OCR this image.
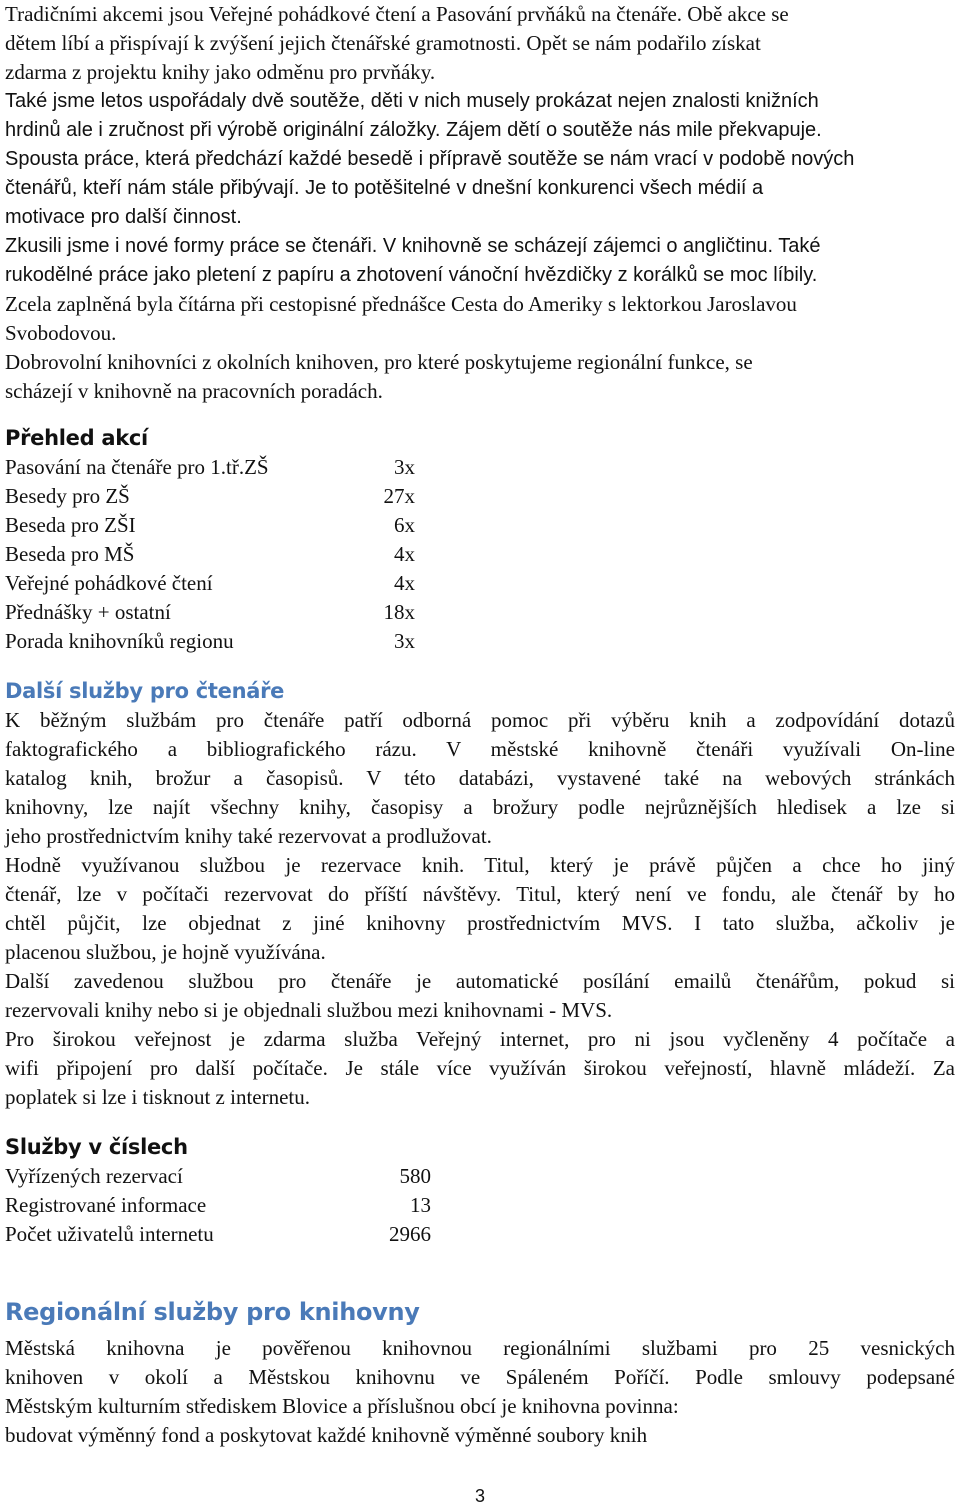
Tradičními akcemi jsou Veřejné pohádkové čtení a Pasování prvňáků na čtenáře. Obě akce se
dětem líbí a přispívají k zvýšení jejich čtenářské gramotnosti. Opět se nám podařilo získat
zdarma z projektu knihy jako odměnu pro prvňáky.
Také jsme letos uspořádaly dvě soutěže, děti v nich musely prokázat nejen znalosti knižních
hrdinů ale i zručnost při výrobě originální záložky. Zájem dětí o soutěže nás mile překvapuje.
Spousta práce, která předchází každé besedě i přípravě soutěže se nám vrací v podobě nových
čtenářů, kteří nám stále přibývají. Je to potěšitelné v dnešní konkurenci všech médií a
motivace pro další činnost.
Zkusili jsme i nové formy práce se čtenáři. V knihovně se scházejí zájemci o angličtinu. Také
rukodělné práce jako pletení z papíru a zhotovení vánoční hvězdičky z korálků se moc líbily.
Zcela zaplněná byla čítárna při cestopisné přednášce Cesta do Ameriky s lektorkou Jaroslavou
Svobodovou.
Dobrovolní knihovníci z okolních knihoven, pro které poskytujeme regionální funkce, se
scházejí v knihovně na pracovních poradách.
Přehled akcí
Pasování na čtenáře pro 1.tř.ZŠ	3x
Besedy pro ZŠ	27x
Beseda pro ZŠI	6x
Beseda pro MŠ	4x
Veřejné pohádkové čtení	4x
Přednášky + ostatní	18x
Porada knihovníků regionu	3x
Další služby pro čtenáře
K běžným službám pro čtenáře patří odborná pomoc při výběru knih a zodpovídání dotazů
faktografického a bibliografického rázu. V městské knihovně čtenáři využívali On-line
katalog knih, brožur a časopisů. V této databázi, vystavené také na webových stránkách
knihovny, lze najít všechny knihy, časopisy a brožury podle nejrůznějších hledisek a lze si
jeho prostřednictvím knihy také rezervovat a prodlužovat.
Hodně využívanou službou je rezervace knih. Titul, který je právě půjčen a chce ho jiný
čtenář, lze v počítači rezervovat do příští návštěvy. Titul, který není ve fondu, ale čtenář by ho
chtěl půjčit, lze objednat z jiné knihovny prostřednictvím MVS. I tato služba, ačkoliv je
placenou službou, je hojně využívána.
Další zavedenou službou pro čtenáře je automatické posílání emailů čtenářům, pokud si
rezervovali knihy nebo si je objednali službou mezi knihovnami - MVS.
Pro širokou veřejnost je zdarma služba Veřejný internet, pro ni jsou vyčleněny 4 počítače a
wifi připojení pro další počítače. Je stále více využíván širokou veřejností, hlavně mládeží. Za
poplatek si lze i tisknout z internetu.
Služby v číslech
Vyřízených rezervací	580
Registrované informace	13
Počet uživatelů internetu	2966
Regionální služby pro knihovny
Městská knihovna je pověřenou knihovnou regionálními službami pro 25 vesnických
knihoven v okolí a Městskou knihovnu ve Spáleném Poříčí. Podle smlouvy podepsané
Městským kulturním střediskem Blovice a příslušnou obcí je knihovna povinna:
budovat výměnný fond a poskytovat každé knihovně výměnné soubory knih
3
